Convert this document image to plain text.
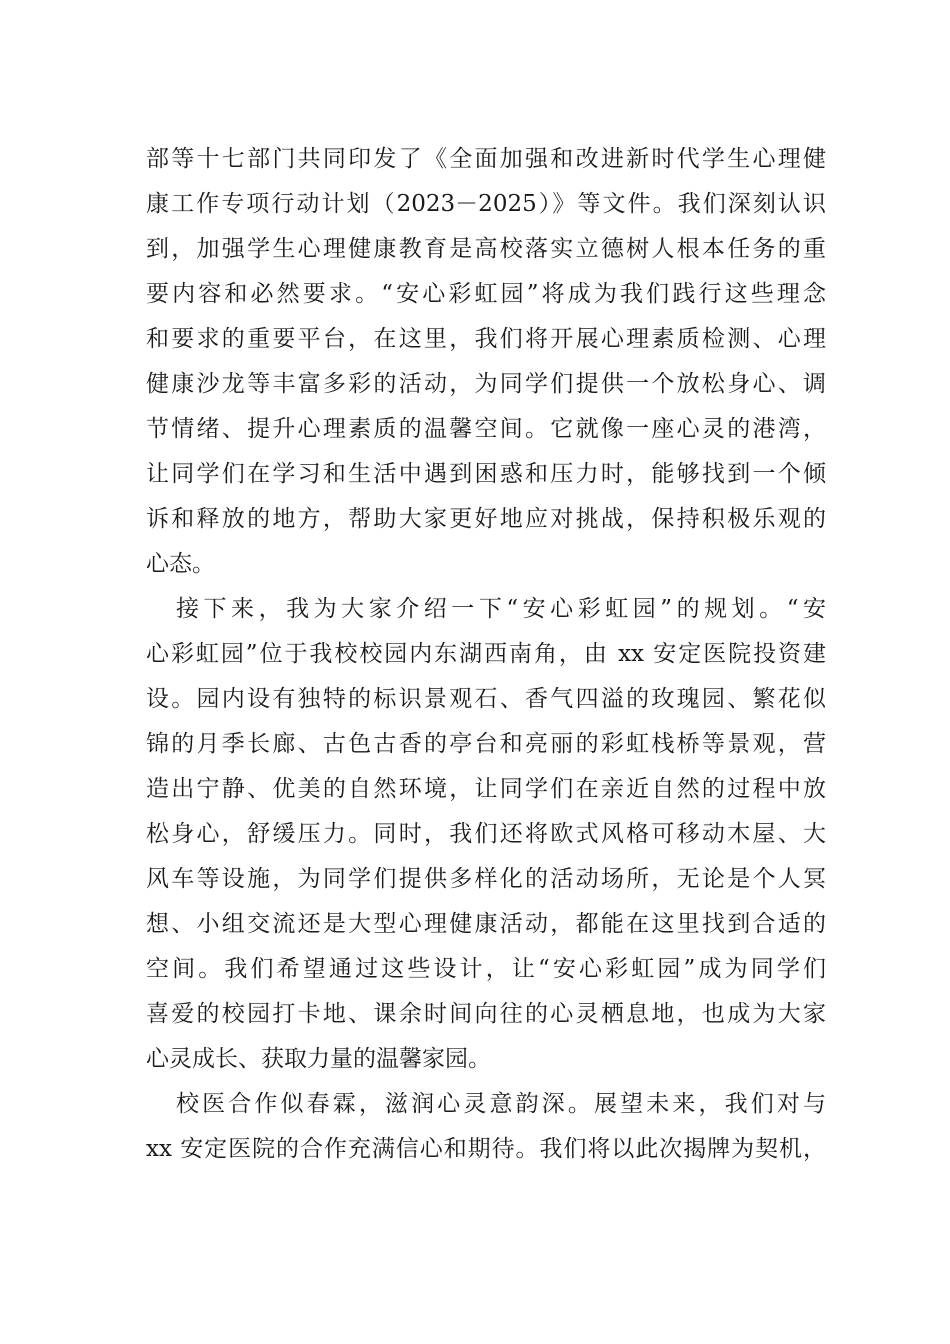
部等十七部门共同印发了《全面加强和改进新时代学生心理健
康工作专项行动计划（2023－2025）》等文件。我们深刻认识
到，加强学生心理健康教育是高校落实立德树人根本任务的重
要内容和必然要求。“安心彩虹园”将成为我们践行这些理念
和要求的重要平台，在这里，我们将开展心理素质检测、心理
健康沙龙等丰富多彩的活动，为同学们提供一个放松身心、调
节情绪、提升心理素质的温馨空间。它就像一座心灵的港湾，
让同学们在学习和生活中遇到困惑和压力时，能够找到一个倾
诉和释放的地方，帮助大家更好地应对挑战，保持积极乐观的
心态。
接下来，我为大家介绍一下“安心彩虹园”的规划。“安
心彩虹园”位于我校校园内东湖西南角，由 xx 安定医院投资建
设。园内设有独特的标识景观石、香气四溢的玫瑰园、繁花似
锦的月季长廊、古色古香的亭台和亮丽的彩虹栈桥等景观，营
造出宁静、优美的自然环境，让同学们在亲近自然的过程中放
松身心，舒缓压力。同时，我们还将欧式风格可移动木屋、大
风车等设施，为同学们提供多样化的活动场所，无论是个人冥
想、小组交流还是大型心理健康活动，都能在这里找到合适的
空间。我们希望通过这些设计，让“安心彩虹园”成为同学们
喜爱的校园打卡地、课余时间向往的心灵栖息地，也成为大家
心灵成长、获取力量的温馨家园。
校医合作似春霖，滋润心灵意韵深。展望未来，我们对与
xx 安定医院的合作充满信心和期待。我们将以此次揭牌为契机，
